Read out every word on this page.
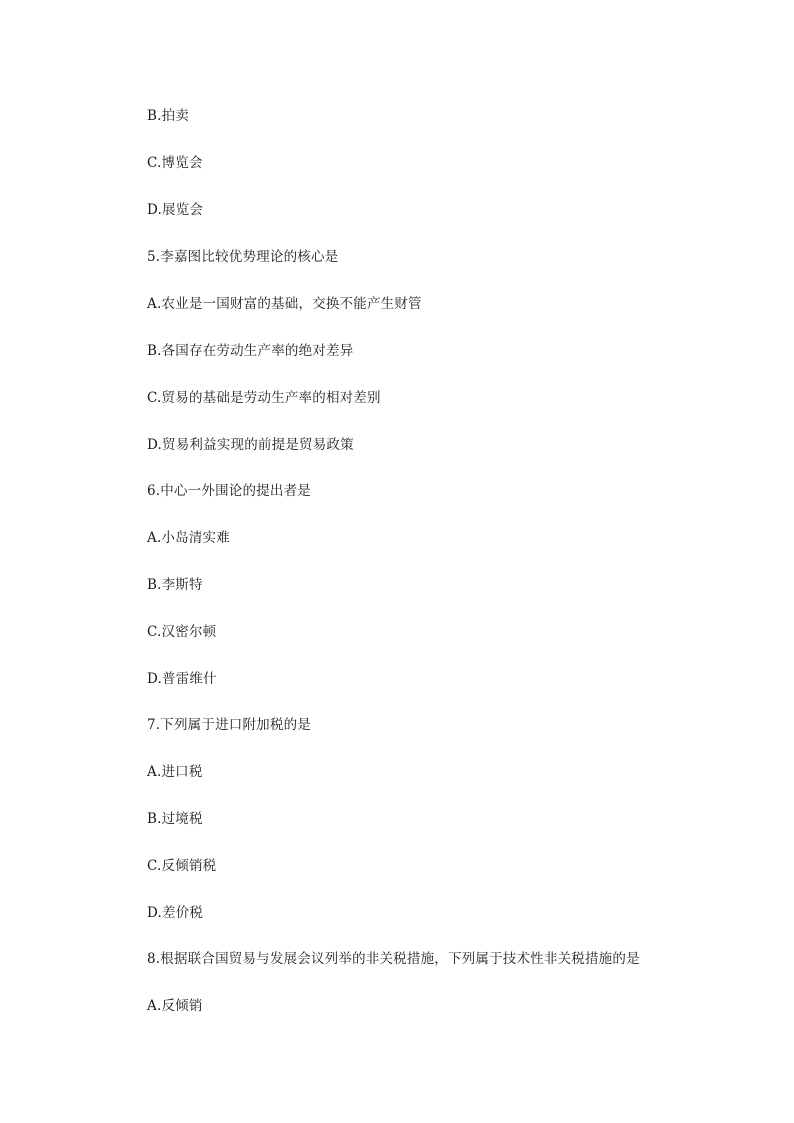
B.拍卖
C.博览会
D.展览会
5.李嘉图比较优势理论的核心是
A.农业是一国财富的基础，交换不能产生财管
B.各国存在劳动生产率的绝对差异
C.贸易的基础是劳动生产率的相对差别
D.贸易利益实现的前提是贸易政策
6.中心一外围论的提出者是
A.小岛清实难
B.李斯特
C.汉密尔顿
D.普雷维什
7.下列属于进口附加税的是
A.进口税
B.过境税
C.反倾销税
D.差价税
8.根据联合国贸易与发展会议列举的非关税措施，下列属于技术性非关税措施的是
A.反倾销
